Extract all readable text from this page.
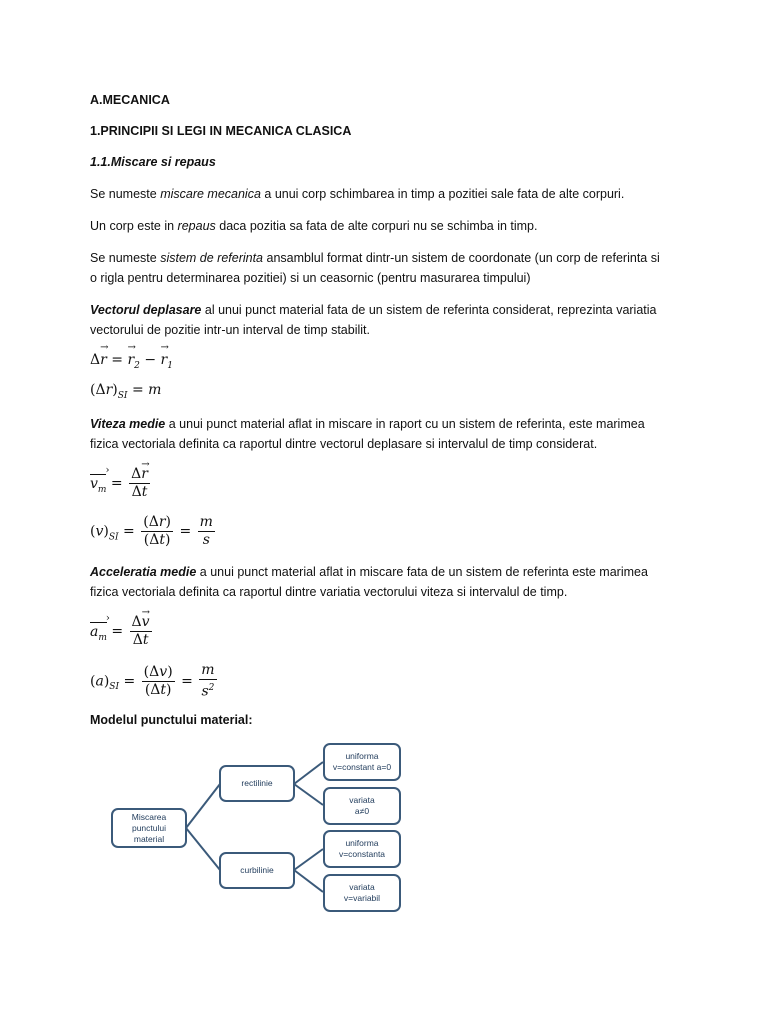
A.MECANICA
1.PRINCIPII SI LEGI IN MECANICA CLASICA
1.1.Miscare si repaus
Se numeste miscare mecanica a unui corp schimbarea in timp a pozitiei sale fata de alte corpuri.
Un corp este in repaus daca pozitia sa fata de alte corpuri nu se schimba in timp.
Se numeste sistem de referinta ansamblul format dintr-un sistem de coordonate (un corp de referinta si
o rigla pentru determinarea pozitiei) si un ceasornic (pentru masurarea timpului)
Vectorul deplasare al unui punct material fata de un sistem de referinta considerat, reprezinta variatia
vectorului de pozitie intr-un interval de timp stabilit.
Δ→ r = → $r_2$ − → $r_1$
$(\Delta r)_{SI} = m$
Viteza medie a unui punct material aflat in miscare in raport cu un sistem de referinta, este marimea
fizica vectoriala definita ca raportul dintre vectorul deplasare si intervalul de timp considerat.
$v_m$ › = $\frac{\Delta\to r}{\Delta t}$
$(v)_{SI} = \frac{(\Delta r)}{(\Delta t)} = \frac{m}{s}$
Acceleratia medie a unui punct material aflat in miscare fata de un sistem de referinta este marimea
fizica vectoriala definita ca raportul dintre variatia vectorului viteza si intervalul de timp.
$a_m$ › = $\frac{\Delta\to v}{\Delta t}$
$(a)_{SI} = \frac{(\Delta v)}{(\Delta t)} = \frac{m}{s^2}$
Modelul punctului material:
Miscarea
punctului
material
rectilinie
curbilinie
uniforma
v=constant a=0
variata
a≠0
uniforma
v=constanta
variata
v=variabil
